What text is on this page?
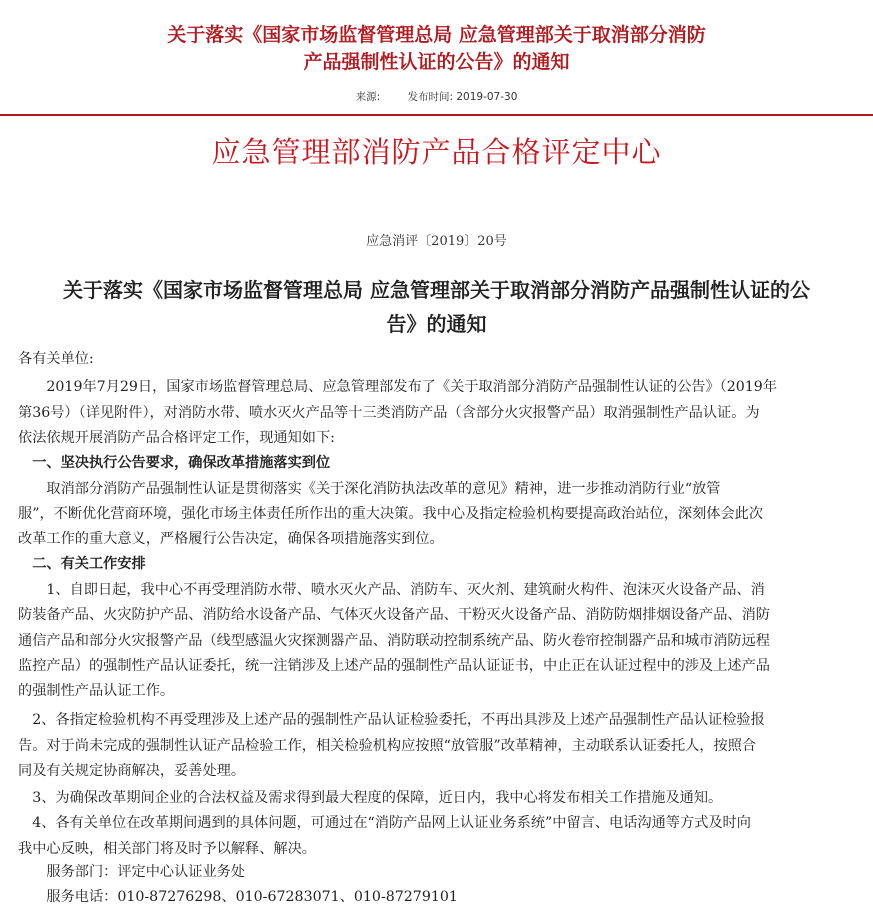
关于落实《国家市场监督管理总局 应急管理部关于取消部分消防
产品强制性认证的公告》的通知
来源:	发布时间: 2019-07-30
应急管理部消防产品合格评定中心
应急消评〔2019〕20号
关于落实《国家市场监督管理总局 应急管理部关于取消部分消防产品强制性认证的公
告》的通知
各有关单位:
　　2019年7月29日，国家市场监督管理总局、应急管理部发布了《关于取消部分消防产品强制性认证的公告》（2019年
第36号）（详见附件），对消防水带、喷水灭火产品等十三类消防产品（含部分火灾报警产品）取消强制性产品认证。为
依法依规开展消防产品合格评定工作，现通知如下:
　一、坚决执行公告要求，确保改革措施落实到位
　　取消部分消防产品强制性认证是贯彻落实《关于深化消防执法改革的意见》精神，进一步推动消防行业“放管
服”，不断优化营商环境，强化市场主体责任所作出的重大决策。我中心及指定检验机构要提高政治站位，深刻体会此次
改革工作的重大意义，严格履行公告决定，确保各项措施落实到位。
　二、有关工作安排
　　1、自即日起，我中心不再受理消防水带、喷水灭火产品、消防车、灭火剂、建筑耐火构件、泡沫灭火设备产品、消
防装备产品、火灾防护产品、消防给水设备产品、气体灭火设备产品、干粉灭火设备产品、消防防烟排烟设备产品、消防
通信产品和部分火灾报警产品（线型感温火灾探测器产品、消防联动控制系统产品、防火卷帘控制器产品和城市消防远程
监控产品）的强制性产品认证委托，统一注销涉及上述产品的强制性产品认证证书，中止正在认证过程中的涉及上述产品
的强制性产品认证工作。
　2、各指定检验机构不再受理涉及上述产品的强制性产品认证检验委托，不再出具涉及上述产品强制性产品认证检验报
告。对于尚未完成的强制性认证产品检验工作，相关检验机构应按照“放管服”改革精神，主动联系认证委托人，按照合
同及有关规定协商解决，妥善处理。
　3、为确保改革期间企业的合法权益及需求得到最大程度的保障，近日内，我中心将发布相关工作措施及通知。
　4、各有关单位在改革期间遇到的具体问题，可通过在“消防产品网上认证业务系统”中留言、电话沟通等方式及时向
我中心反映，相关部门将及时予以解释、解决。
　　服务部门：评定中心认证业务处
　　服务电话：010-87276298、010-67283071、010-87279101
